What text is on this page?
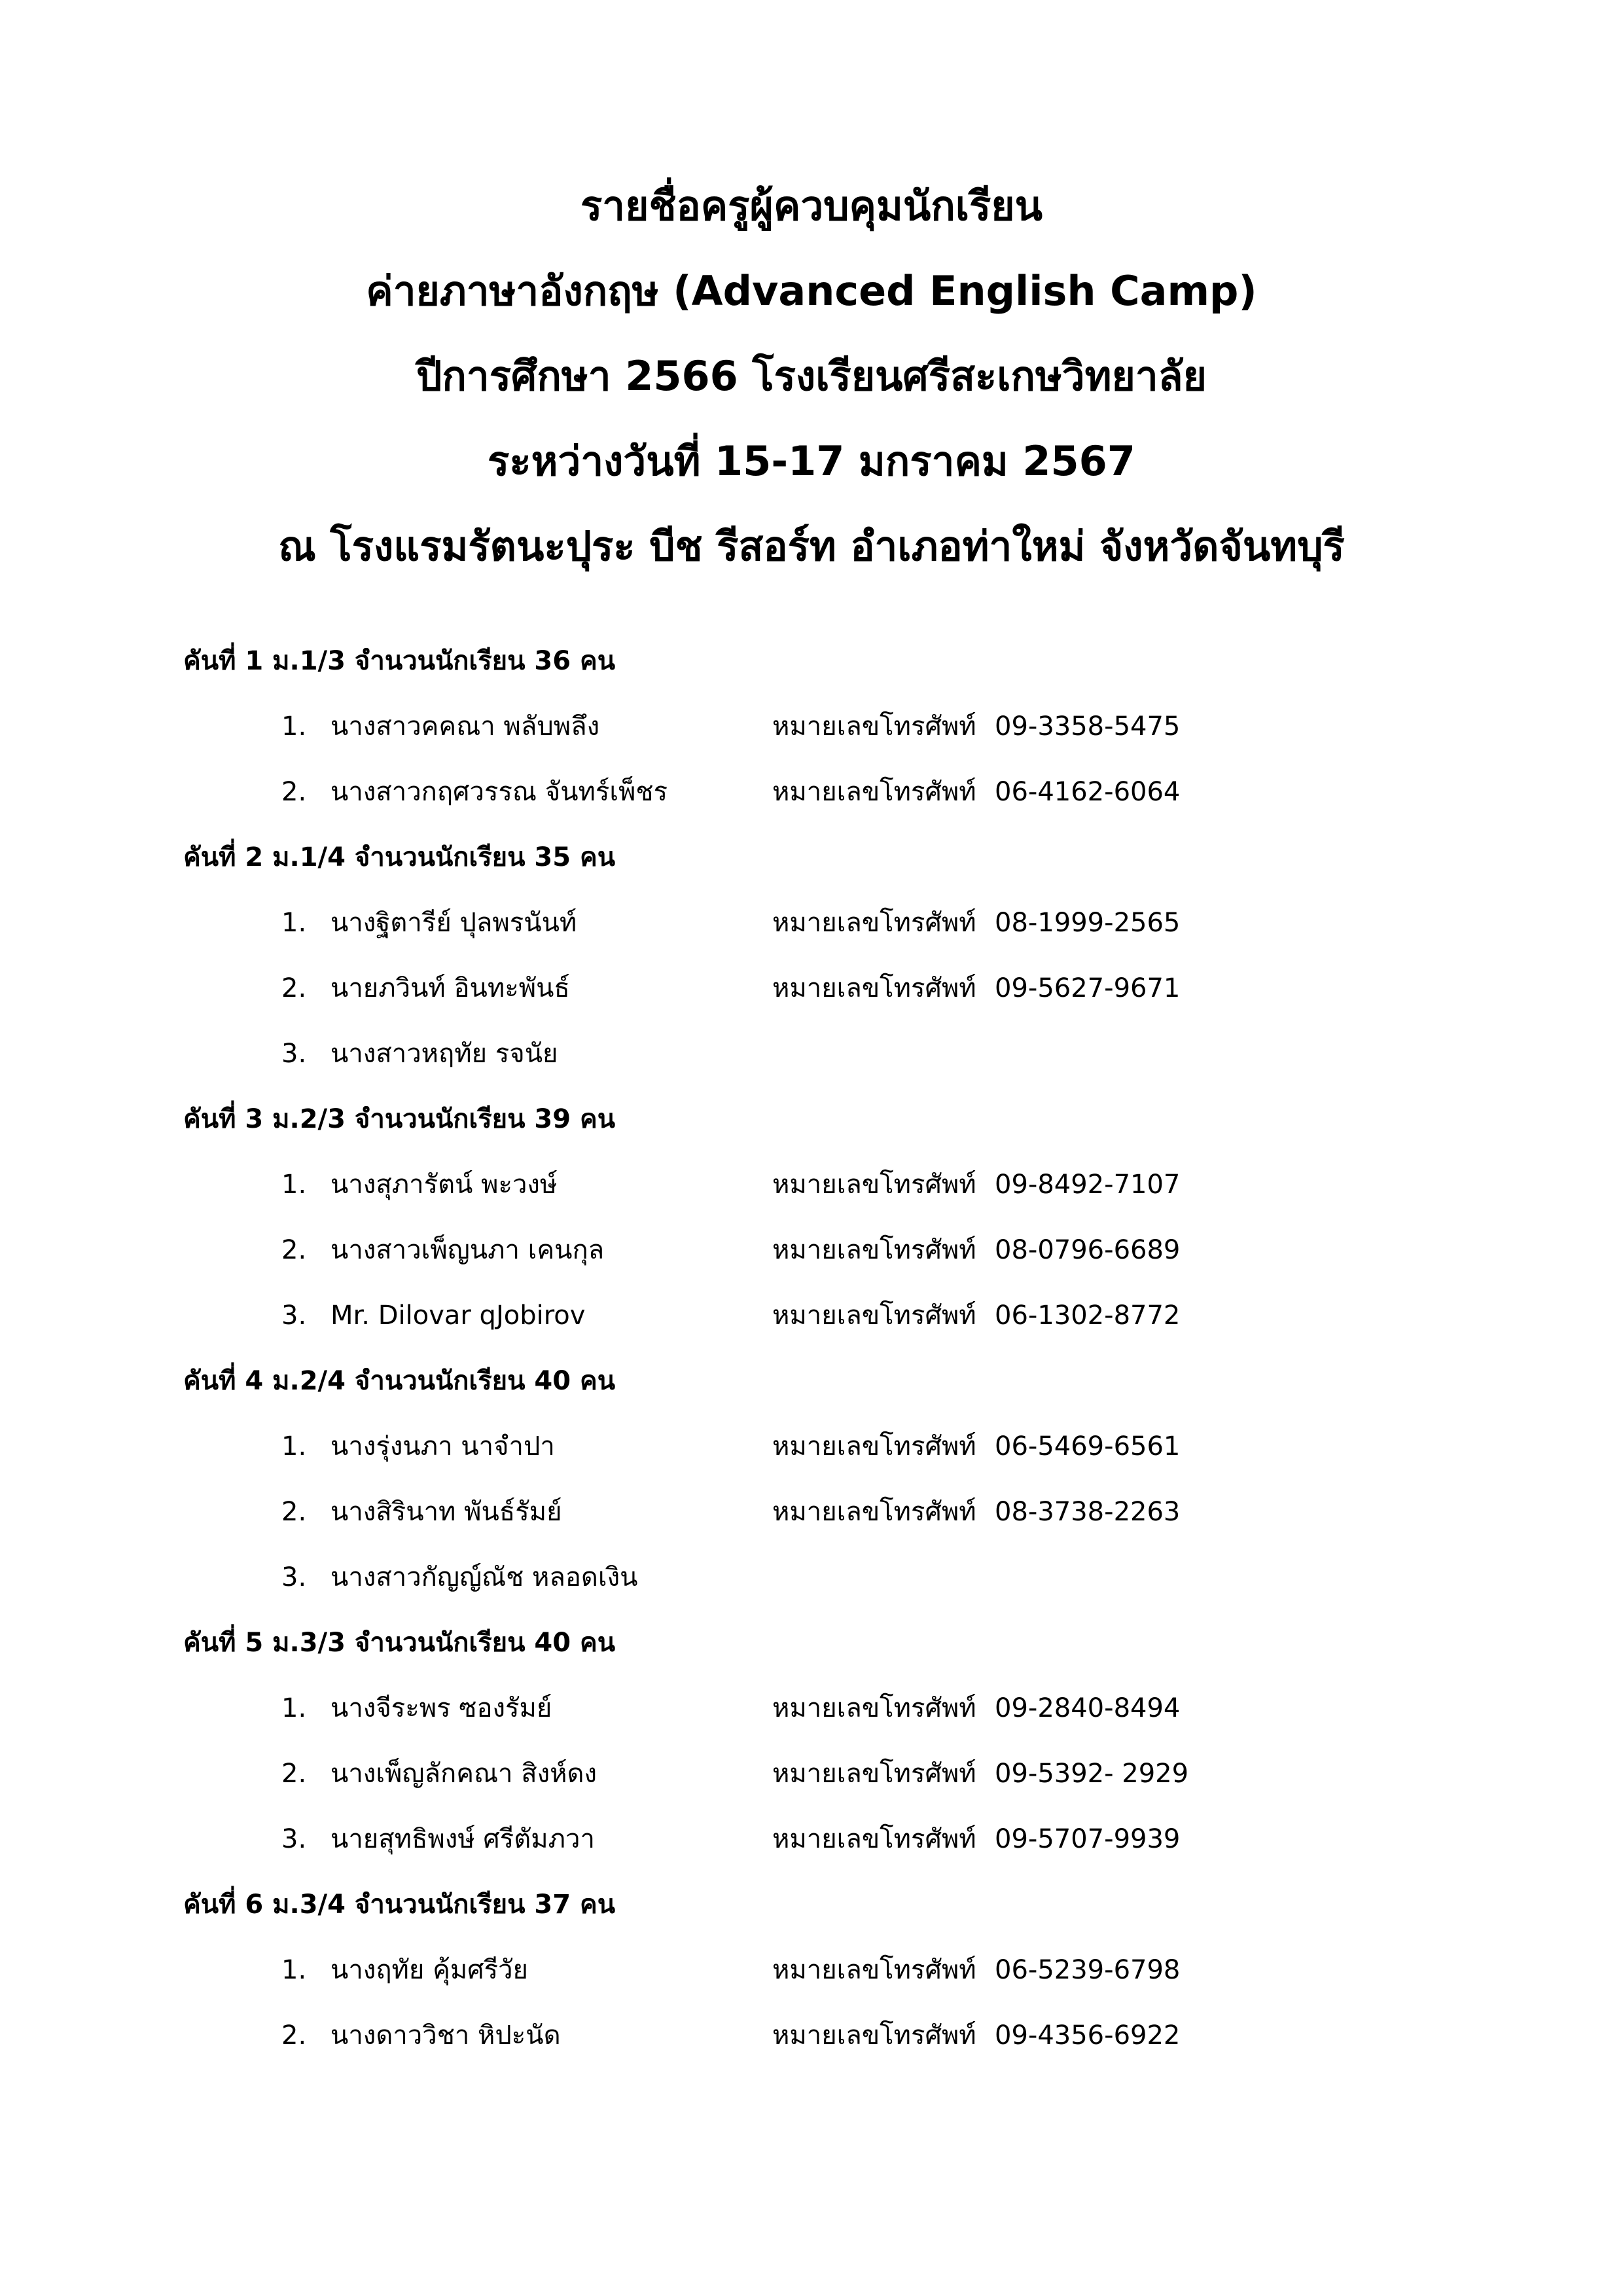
รายชื่อครูผู้ควบคุมนักเรียน
ค่ายภาษาอังกฤษ (Advanced English Camp)
ปีการศึกษา 2566 โรงเรียนศรีสะเกษวิทยาลัย
ระหว่างวันที่ 15-17 มกราคม 2567
ณ โรงแรมรัตนะปุระ บีช รีสอร์ท อำเภอท่าใหม่ จังหวัดจันทบุรี
คันที่ 1 ม.1/3 จำนวนนักเรียน 36 คน
1. นางสาวคคณา พลับพลึง	หมายเลขโทรศัพท์ 09-3358-5475
2. นางสาวกฤศวรรณ จันทร์เพ็ชร	หมายเลขโทรศัพท์ 06-4162-6064
คันที่ 2 ม.1/4 จำนวนนักเรียน 35 คน
1. นางฐิตารีย์ ปุลพรนันท์	หมายเลขโทรศัพท์ 08-1999-2565
2. นายภวินท์ อินทะพันธ์	หมายเลขโทรศัพท์ 09-5627-9671
3. นางสาวหฤทัย รจนัย
คันที่ 3 ม.2/3 จำนวนนักเรียน 39 คน
1. นางสุภารัตน์ พะวงษ์	หมายเลขโทรศัพท์ 09-8492-7107
2. นางสาวเพ็ญนภา เคนกุล	หมายเลขโทรศัพท์ 08-0796-6689
3. Mr. Dilovar qJobirov	หมายเลขโทรศัพท์ 06-1302-8772
คันที่ 4 ม.2/4 จำนวนนักเรียน 40 คน
1. นางรุ่งนภา นาจำปา	หมายเลขโทรศัพท์ 06-5469-6561
2. นางสิรินาท พันธ์รัมย์	หมายเลขโทรศัพท์ 08-3738-2263
3. นางสาวกัญญ์ณัช หลอดเงิน
คันที่ 5 ม.3/3 จำนวนนักเรียน 40 คน
1. นางจีระพร ซองรัมย์	หมายเลขโทรศัพท์ 09-2840-8494
2. นางเพ็ญลักคณา สิงห์ดง	หมายเลขโทรศัพท์ 09-5392- 2929
3. นายสุทธิพงษ์ ศรีตัมภวา	หมายเลขโทรศัพท์ 09-5707-9939
คันที่ 6 ม.3/4 จำนวนนักเรียน 37 คน
1. นางฤทัย คุ้มศรีวัย	หมายเลขโทรศัพท์ 06-5239-6798
2. นางดาววิชา หิปะนัด	หมายเลขโทรศัพท์ 09-4356-6922
